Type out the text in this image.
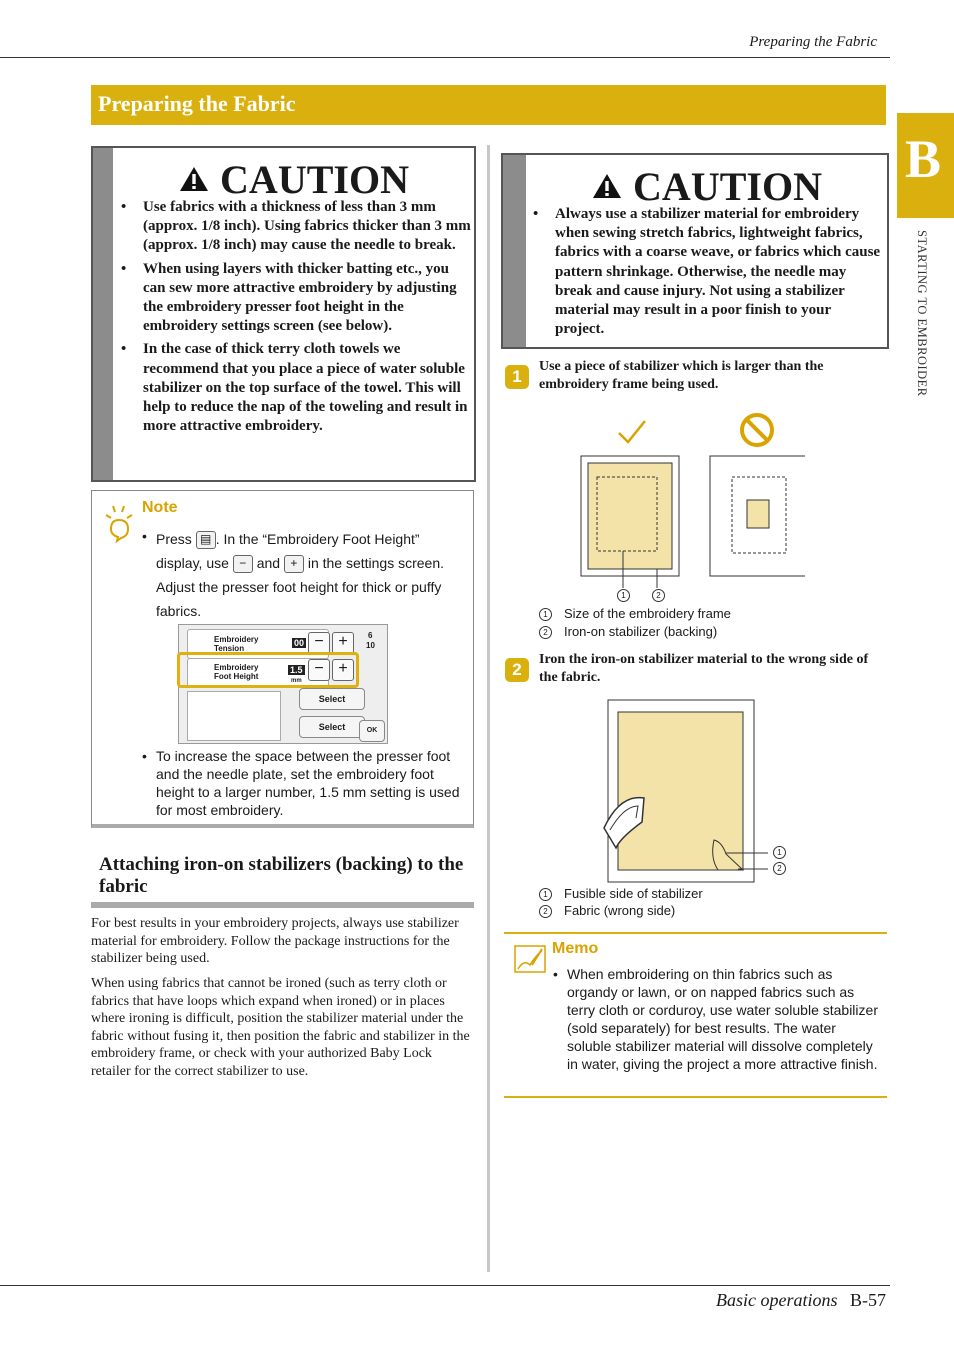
Preparing the Fabric
Preparing the Fabric
B
STARTING TO EMBROIDER
CAUTION
• Use fabrics with a thickness of less than 3 mm (approx. 1/8 inch). Using fabrics thicker than 3 mm (approx. 1/8 inch) may cause the needle to break.
• When using layers with thicker batting etc., you can sew more attractive embroidery by adjusting the embroidery presser foot height in the embroidery settings screen (see below).
• In the case of thick terry cloth towels we recommend that you place a piece of water soluble stabilizer on the top surface of the towel. This will help to reduce the nap of the toweling and result in more attractive embroidery.
Note
• Press ▤ . In the “Embroidery Foot Height” display, use − and + in the settings screen. Adjust the presser foot height for thick or puffy fabrics.
Embroidery Tension
00 − +	6
10
Embroidery Foot Height
1.5
mm
− +
Select
Select	OK
• To increase the space between the presser foot and the needle plate, set the embroidery foot height to a larger number, 1.5 mm setting is used for most embroidery.
Attaching iron-on stabilizers (backing) to the fabric
For best results in your embroidery projects, always use stabilizer material for embroidery. Follow the package instructions for the stabilizer being used.
When using fabrics that cannot be ironed (such as terry cloth or fabrics that have loops which expand when ironed) or in places where ironing is difficult, position the stabilizer material under the fabric without fusing it, then position the fabric and stabilizer in the embroidery frame, or check with your authorized Baby Lock retailer for the correct stabilizer to use.
CAUTION
• Always use a stabilizer material for embroidery when sewing stretch fabrics, lightweight fabrics, fabrics with a coarse weave, or fabrics which cause pattern shrinkage. Otherwise, the needle may break and cause injury. Not using a stabilizer material may result in a poor finish to your project.
1
Use a piece of stabilizer which is larger than the embroidery frame being used.
1	2
1 Size of the embroidery frame
2 Iron-on stabilizer (backing)
2
Iron the iron-on stabilizer material to the wrong side of the fabric.
1
2
1 Fusible side of stabilizer
2 Fabric (wrong side)
Memo
• When embroidering on thin fabrics such as organdy or lawn, or on napped fabrics such as terry cloth or corduroy, use water soluble stabilizer (sold separately) for best results. The water soluble stabilizer material will dissolve completely in water, giving the project a more attractive finish.
Basic operations B-57
